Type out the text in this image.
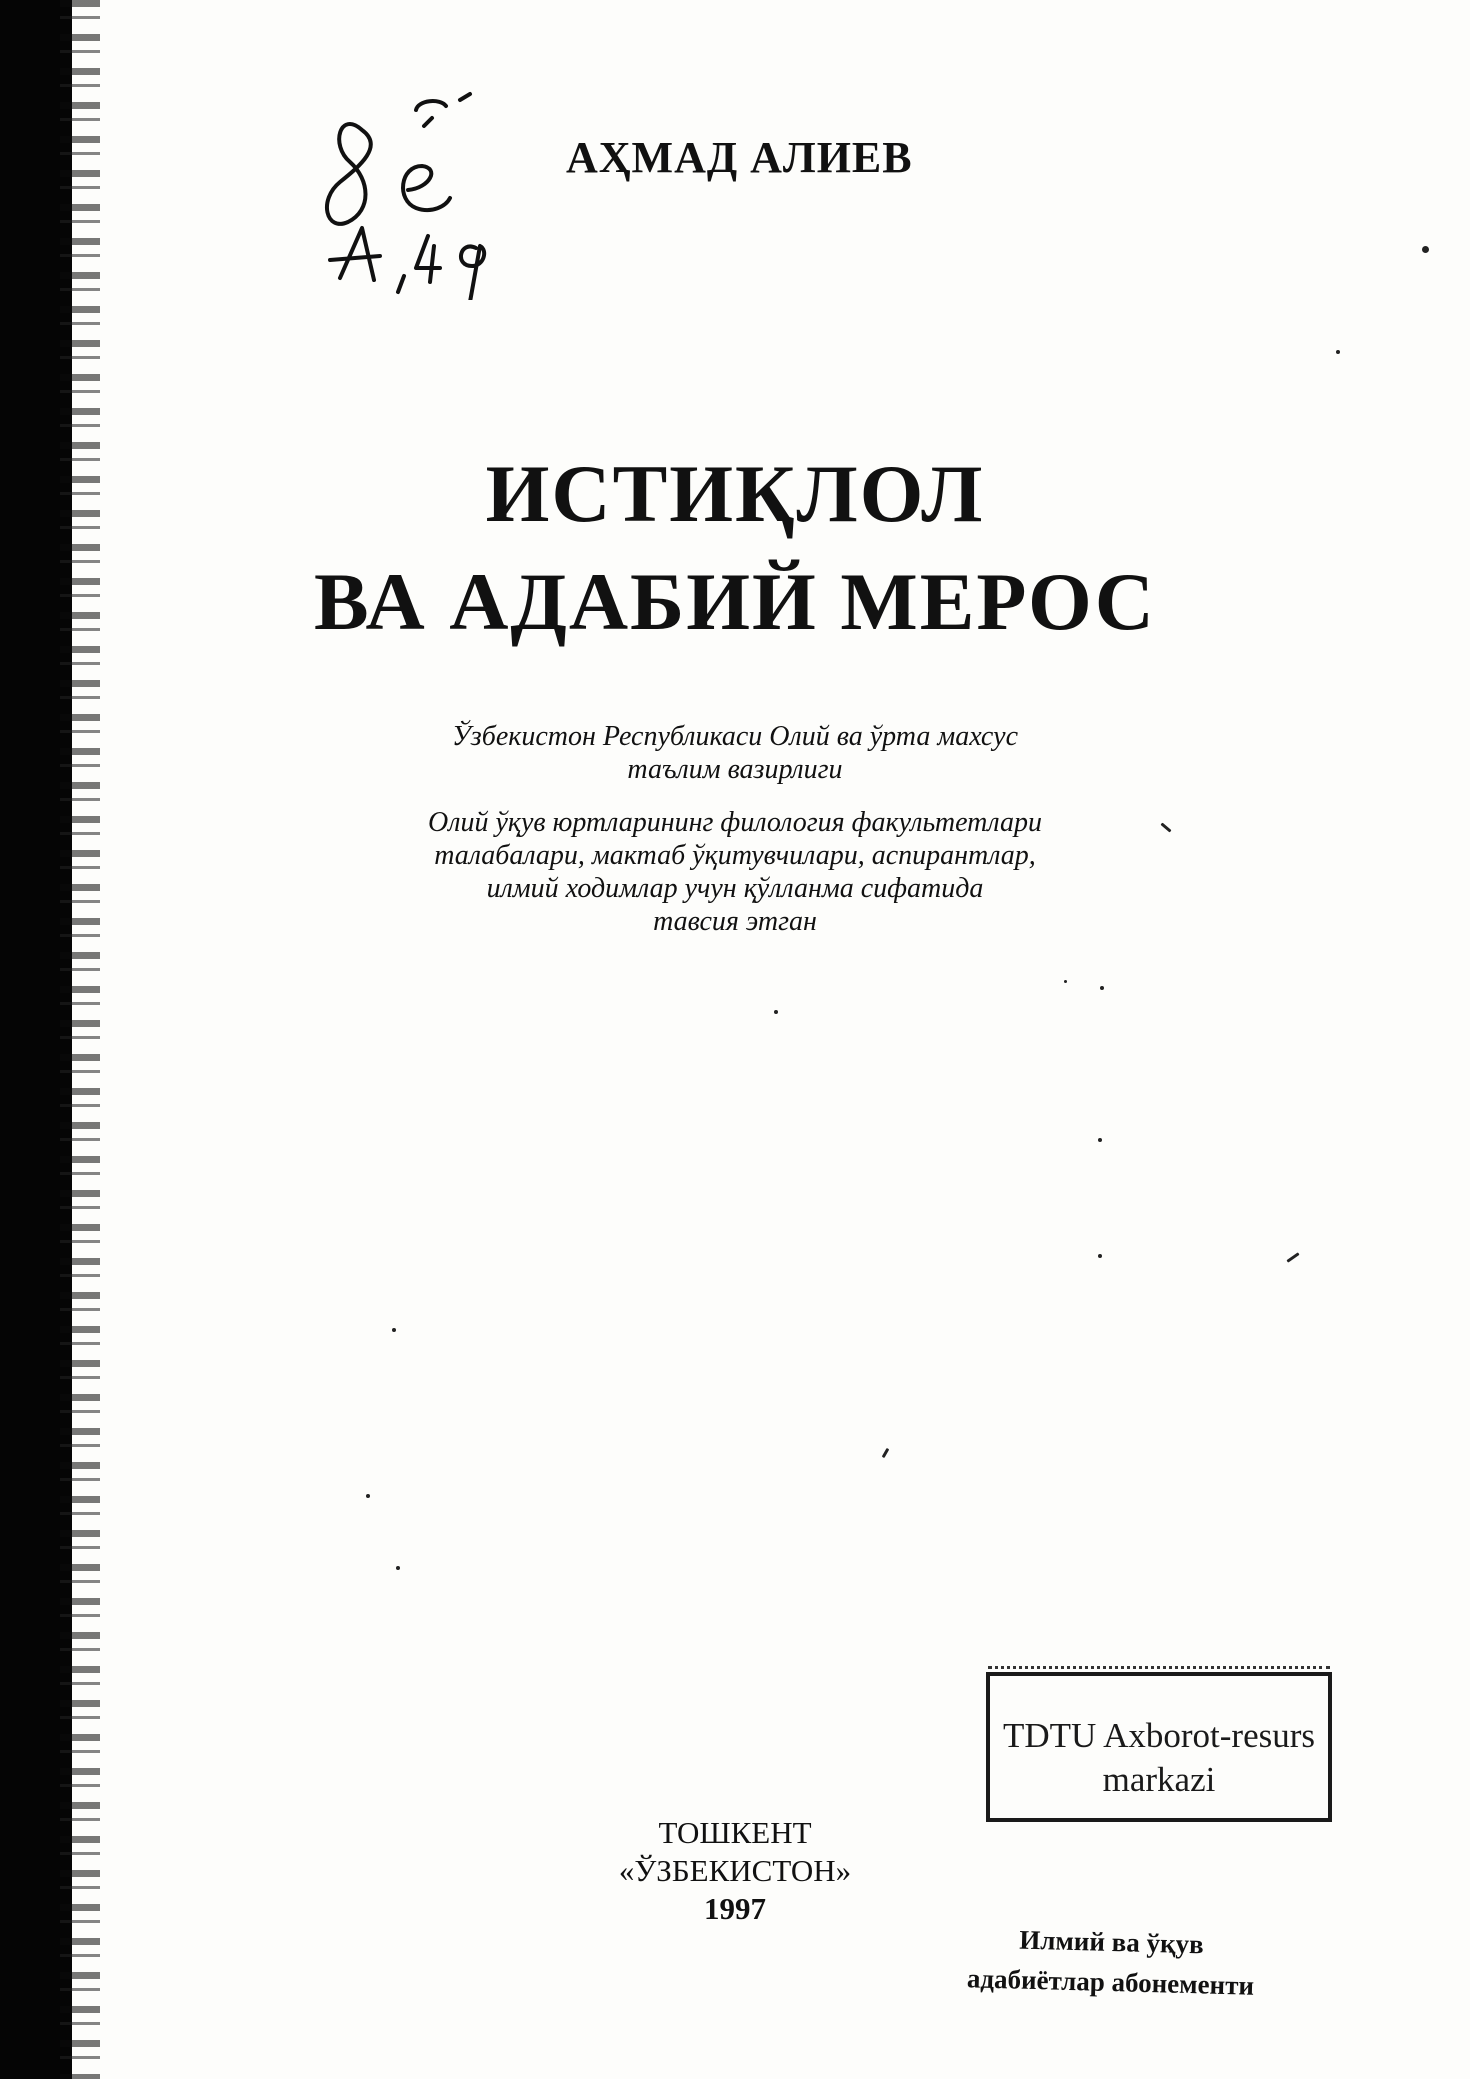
АҲМАД АЛИЕВ

ИСТИҚЛОЛ
ВА АДАБИЙ МЕРОС

Ўзбекистон Республикаси Олий ва ўрта махсус
таълим вазирлиги

Олий ўқув юртларининг филология факультетлари
талабалари, мактаб ўқитувчилари, аспирантлар,
илмий ходимлар учун қўлланма сифатида
тавсия этган

TDTU Axborot-resurs
markazi

ТОШКЕНТ

«ЎЗБЕКИСТОН»

1997

Илмий ва ўқув
адабиётлар абонементи
